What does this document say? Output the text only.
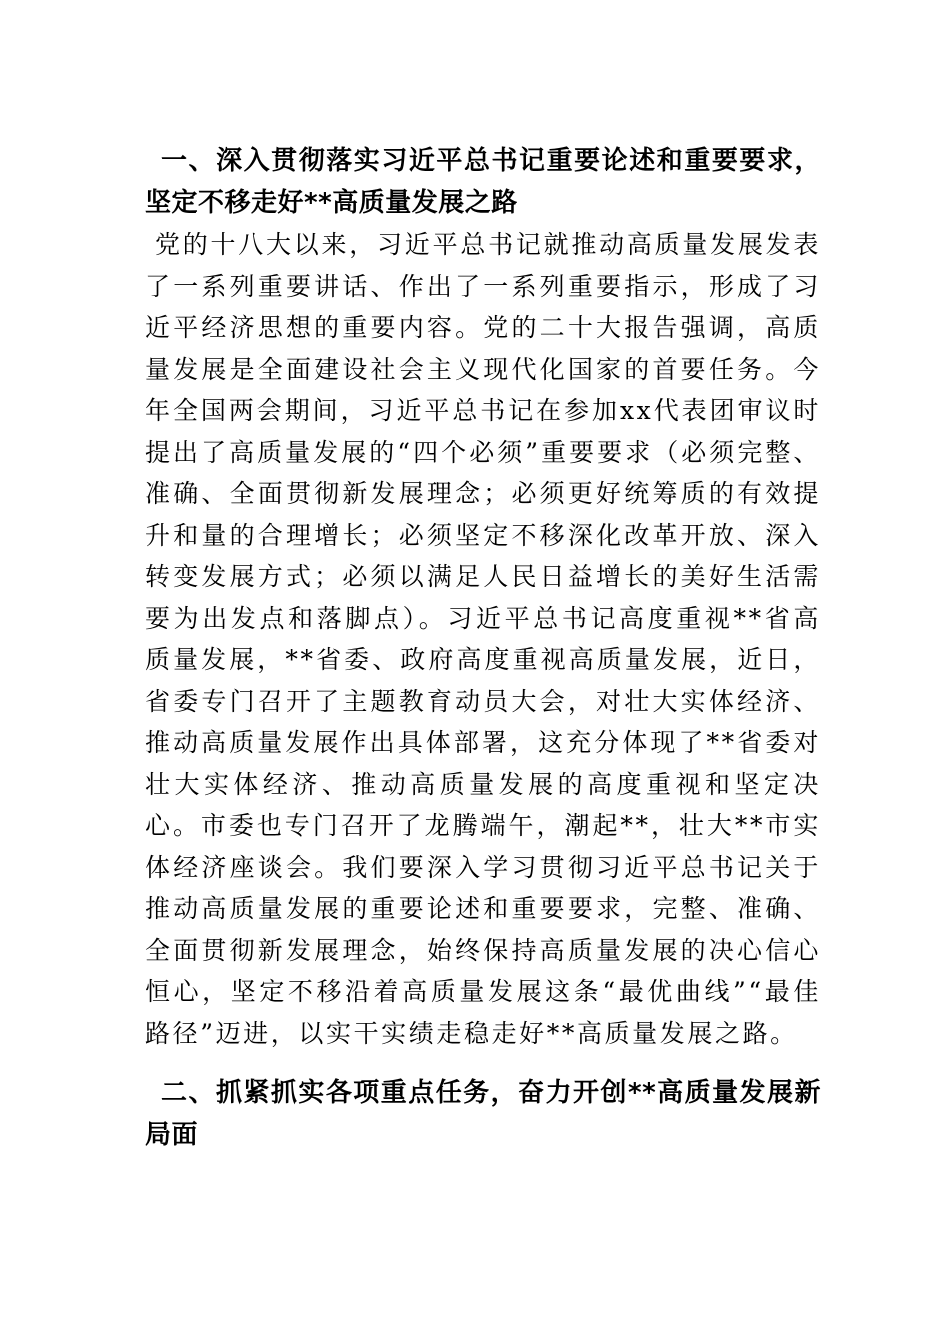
一、深入贯彻落实习近平总书记重要论述和重要要求，坚定不移走好**高质量发展之路

党的十八大以来，习近平总书记就推动高质量发展发表了一系列重要讲话、作出了一系列重要指示，形成了习近平经济思想的重要内容。党的二十大报告强调，高质量发展是全面建设社会主义现代化国家的首要任务。今年全国两会期间，习近平总书记在参加xx代表团审议时提出了高质量发展的“四个必须”重要要求（必须完整、准确、全面贯彻新发展理念；必须更好统筹质的有效提升和量的合理增长；必须坚定不移深化改革开放、深入转变发展方式；必须以满足人民日益增长的美好生活需要为出发点和落脚点）。习近平总书记高度重视**省高质量发展，**省委、政府高度重视高质量发展，近日，省委专门召开了主题教育动员大会，对壮大实体经济、推动高质量发展作出具体部署，这充分体现了**省委对壮大实体经济、推动高质量发展的高度重视和坚定决心。市委也专门召开了龙腾端午，潮起**，壮大**市实体经济座谈会。我们要深入学习贯彻习近平总书记关于推动高质量发展的重要论述和重要要求，完整、准确、全面贯彻新发展理念，始终保持高质量发展的决心信心恒心，坚定不移沿着高质量发展这条“最优曲线”“最佳路径”迈进，以实干实绩走稳走好**高质量发展之路。

二、抓紧抓实各项重点任务，奋力开创**高质量发展新局面
